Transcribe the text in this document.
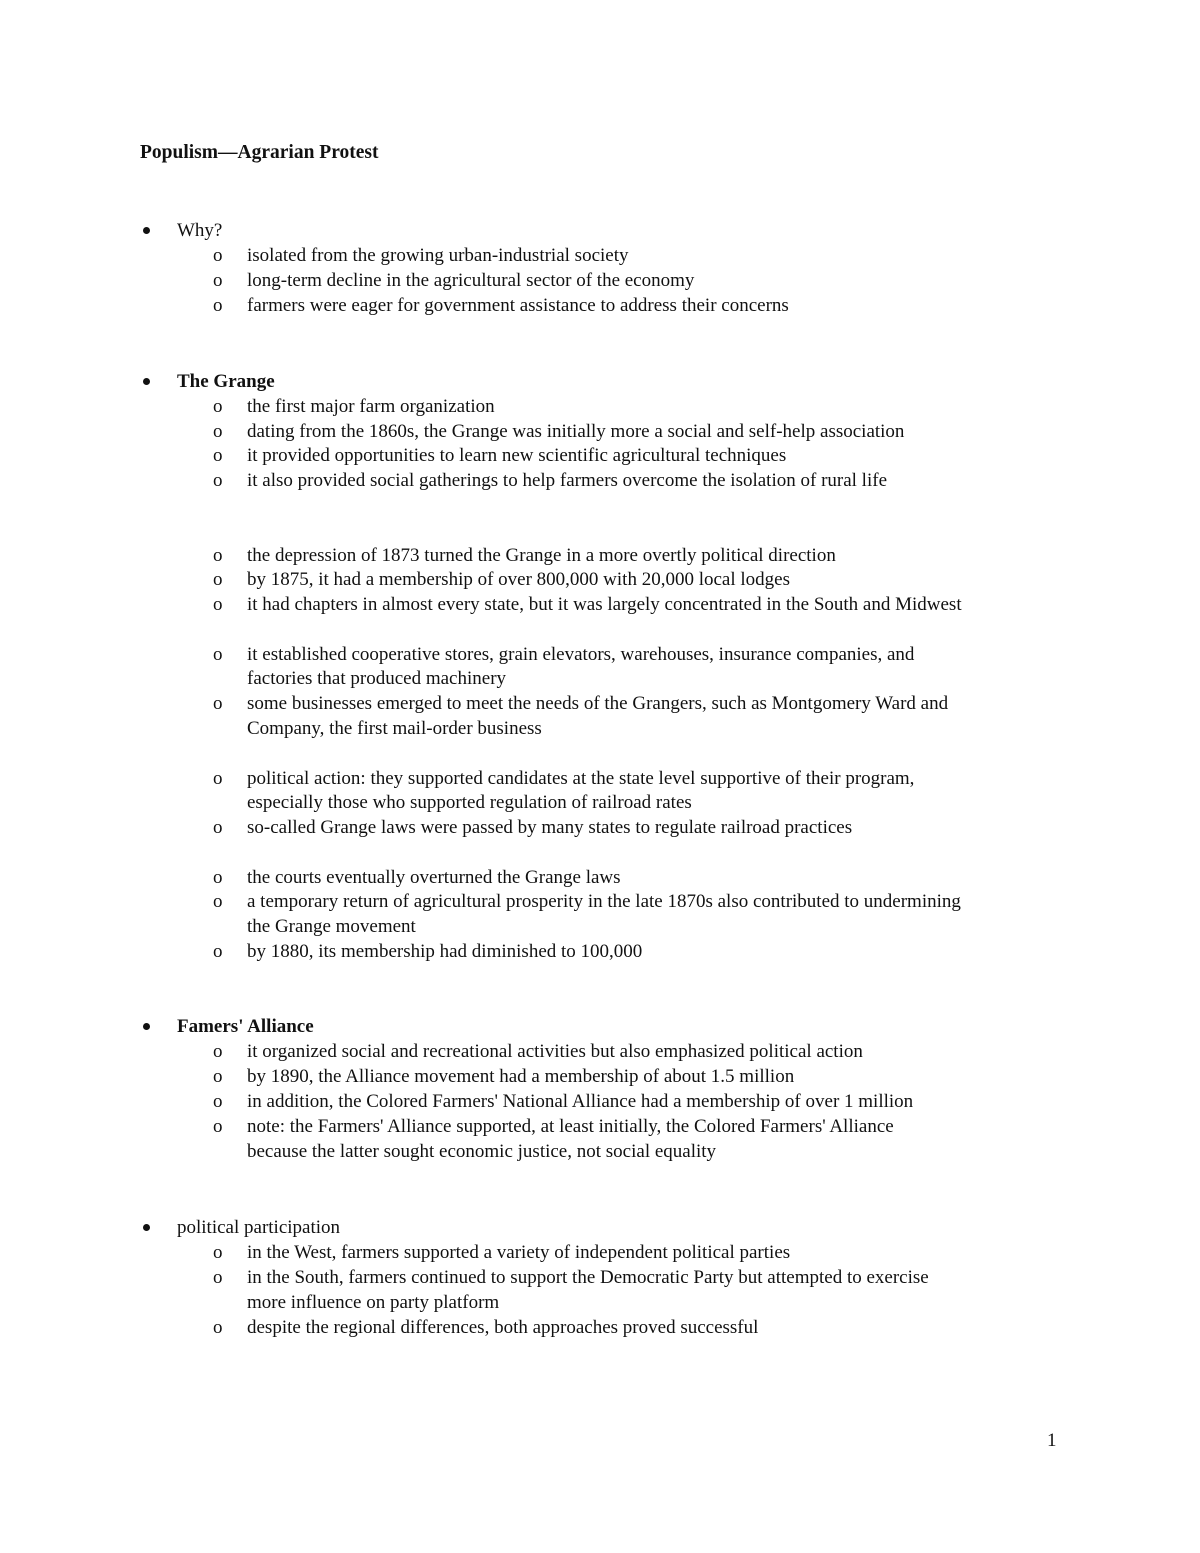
Populism—Agrarian Protest
Why?
o isolated from the growing urban-industrial society
o long-term decline in the agricultural sector of the economy
o farmers were eager for government assistance to address their concerns
The Grange
o the first major farm organization
o dating from the 1860s, the Grange was initially more a social and self-help association
o it provided opportunities to learn new scientific agricultural techniques
o it also provided social gatherings to help farmers overcome the isolation of rural life
o the depression of 1873 turned the Grange in a more overtly political direction
o by 1875, it had a membership of over 800,000 with 20,000 local lodges
o it had chapters in almost every state, but it was largely concentrated in the South and Midwest
o it established cooperative stores, grain elevators, warehouses, insurance companies, and
factories that produced machinery
o some businesses emerged to meet the needs of the Grangers, such as Montgomery Ward and
Company, the first mail-order business
o political action: they supported candidates at the state level supportive of their program,
especially those who supported regulation of railroad rates
o so-called Grange laws were passed by many states to regulate railroad practices
o the courts eventually overturned the Grange laws
o a temporary return of agricultural prosperity in the late 1870s also contributed to undermining
the Grange movement
o by 1880, its membership had diminished to 100,000
Famers' Alliance
o it organized social and recreational activities but also emphasized political action
o by 1890, the Alliance movement had a membership of about 1.5 million
o in addition, the Colored Farmers' National Alliance had a membership of over 1 million
o note: the Farmers' Alliance supported, at least initially, the Colored Farmers' Alliance
because the latter sought economic justice, not social equality
political participation
o in the West, farmers supported a variety of independent political parties
o in the South, farmers continued to support the Democratic Party but attempted to exercise
more influence on party platform
o despite the regional differences, both approaches proved successful
1
